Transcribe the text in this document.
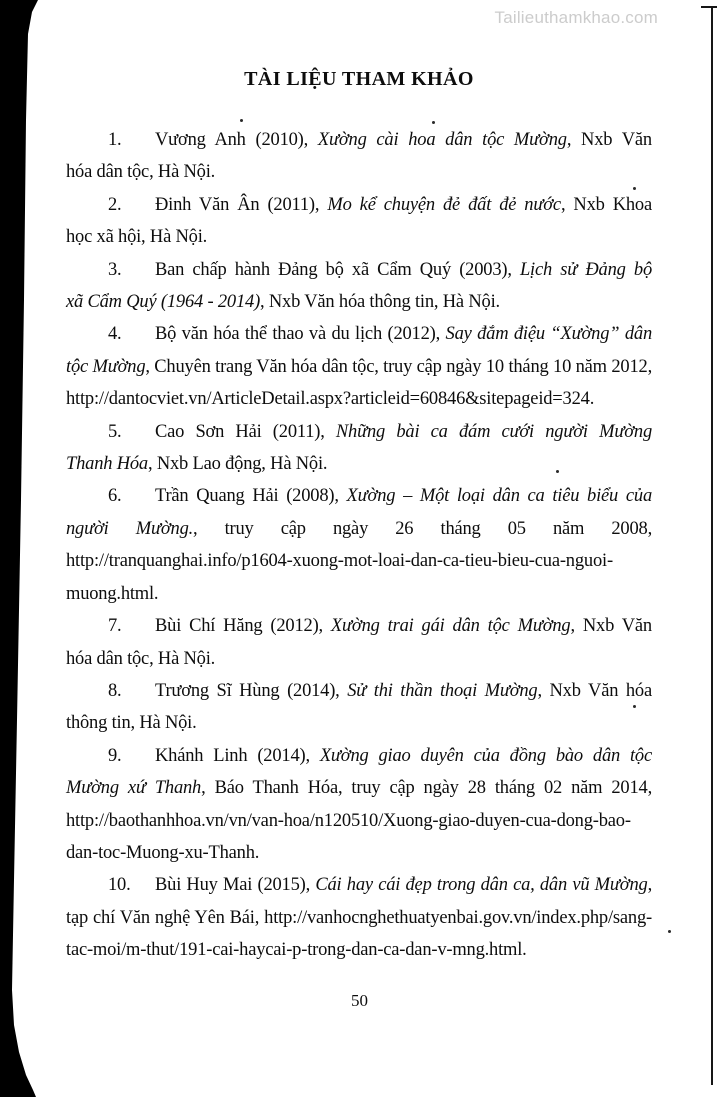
Tailieuthamkhao.com
TÀI LIỆU THAM KHẢO
1. Vương Anh (2010), Xường cài hoa dân tộc Mường, Nxb Văn
hóa dân tộc, Hà Nội.
2. Đinh Văn Ân (2011), Mo kể chuyện đẻ đất đẻ nước, Nxb Khoa
học xã hội, Hà Nội.
3. Ban chấp hành Đảng bộ xã Cẩm Quý (2003), Lịch sử Đảng bộ
xã Cẩm Quý (1964 - 2014), Nxb Văn hóa thông tin, Hà Nội.
4. Bộ văn hóa thể thao và du lịch (2012), Say đắm điệu “Xường” dân
tộc Mường, Chuyên trang Văn hóa dân tộc, truy cập ngày 10 tháng 10 năm 2012,
http://dantocviet.vn/ArticleDetail.aspx?articleid=60846&sitepageid=324.
5. Cao Sơn Hải (2011), Những bài ca đám cưới người Mường
Thanh Hóa, Nxb Lao động, Hà Nội.
6. Trần Quang Hải (2008), Xường – Một loại dân ca tiêu biểu của
người Mường., truy cập ngày 26 tháng 05 năm 2008,
http://tranquanghai.info/p1604-xuong-mot-loai-dan-ca-tieu-bieu-cua-nguoi-
muong.html.
7. Bùi Chí Hăng (2012), Xường trai gái dân tộc Mường, Nxb Văn
hóa dân tộc, Hà Nội.
8. Trương Sĩ Hùng (2014), Sử thi thần thoại Mường, Nxb Văn hóa
thông tin, Hà Nội.
9. Khánh Linh (2014), Xường giao duyên của đồng bào dân tộc
Mường xứ Thanh, Báo Thanh Hóa, truy cập ngày 28 tháng 02 năm 2014,
http://baothanhhoa.vn/vn/van-hoa/n120510/Xuong-giao-duyen-cua-dong-bao-
dan-toc-Muong-xu-Thanh.
10. Bùi Huy Mai (2015), Cái hay cái đẹp trong dân ca, dân vũ Mường,
tạp chí Văn nghệ Yên Bái, http://vanhocnghethuatyenbai.gov.vn/index.php/sang-
tac-moi/m-thut/191-cai-haycai-p-trong-dan-ca-dan-v-mng.html.
50
